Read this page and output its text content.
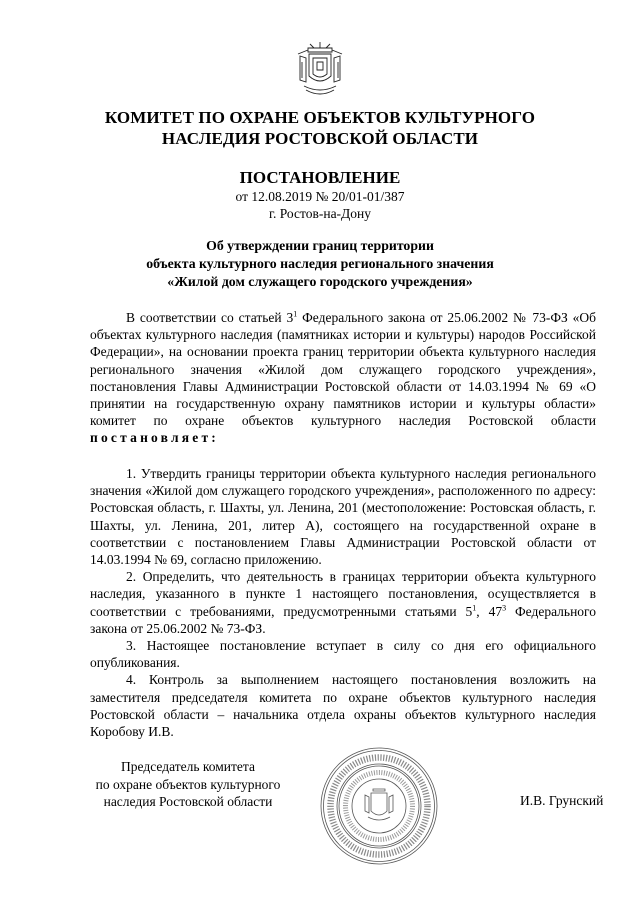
КОМИТЕТ ПО ОХРАНЕ ОБЪЕКТОВ КУЛЬТУРНОГО
НАСЛЕДИЯ РОСТОВСКОЙ ОБЛАСТИ
ПОСТАНОВЛЕНИЕ
от 12.08.2019 № 20/01-01/387
г. Ростов-на-Дону
Об утверждении границ территории
объекта культурного наследия регионального значения
«Жилой дом служащего городского учреждения»
В соответствии со статьей $3^1$ Федерального закона от 25.06.2002 № 73-ФЗ «Об объектах культурного наследия (памятниках истории и культуры) народов Российской Федерации», на основании проекта границ территории объекта культурного наследия регионального значения «Жилой дом служащего городского учреждения», постановления Главы Администрации Ростовской области от 14.03.1994 № 69 «О принятии на государственную охрану памятников истории и культуры области» комитет по охране объектов культурного наследия Ростовской области постановляет:

1. Утвердить границы территории объекта культурного наследия регионального значения «Жилой дом служащего городского учреждения», расположенного по адресу: Ростовская область, г. Шахты, ул. Ленина, 201 (местоположение: Ростовская область, г. Шахты, ул. Ленина, 201, литер А), состоящего на государственной охране в соответствии с постановлением Главы Администрации Ростовской области от 14.03.1994 № 69, согласно приложению.

2. Определить, что деятельность в границах территории объекта культурного наследия, указанного в пункте 1 настоящего постановления, осуществляется в соответствии с требованиями, предусмотренными статьями $5^1$, $47^3$ Федерального закона от 25.06.2002 № 73-ФЗ.

3. Настоящее постановление вступает в силу со дня его официального опубликования.

4. Контроль за выполнением настоящего постановления возложить на заместителя председателя комитета по охране объектов культурного наследия Ростовской области – начальника отдела охраны объектов культурного наследия Коробову И.В.

Председатель комитета
по охране объектов культурного
наследия Ростовской области	И.В. Грунский
